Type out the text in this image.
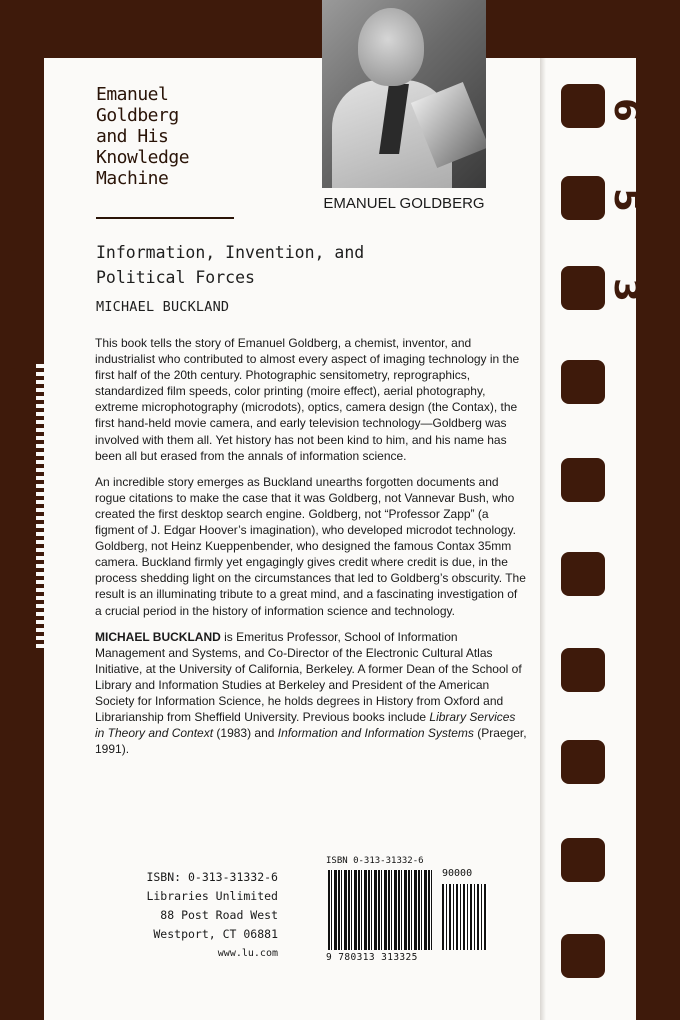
6
5
3
EMANUEL GOLDBERG
Emanuel
Goldberg
and His
Knowledge
Machine
Information, Invention, and
Political Forces
MICHAEL BUCKLAND

This book tells the story of Emanuel Goldberg, a chemist, inventor, and industrialist who contributed to almost every aspect of imaging technology in the first half of the 20th century. Photographic sensitometry, reprographics, standardized film speeds, color printing (moire effect), aerial photography, extreme microphotography (microdots), optics, camera design (the Contax), the first hand-held movie camera, and early television technology—Goldberg was involved with them all. Yet history has not been kind to him, and his name has been all but erased from the annals of information science.

An incredible story emerges as Buckland unearths forgotten documents and rogue citations to make the case that it was Goldberg, not Vannevar Bush, who created the first desktop search engine. Goldberg, not “Professor Zapp” (a figment of J. Edgar Hoover’s imagination), who developed microdot technology. Goldberg, not Heinz Kueppenbender, who designed the famous Contax 35mm camera. Buckland firmly yet engagingly gives credit where credit is due, in the process shedding light on the circumstances that led to Goldberg’s obscurity. The result is an illuminating tribute to a great mind, and a fascinating investigation of a crucial period in the history of information science and technology.

MICHAEL BUCKLAND is Emeritus Professor, School of Information Management and Systems, and Co-Director of the Electronic Cultural Atlas Initiative, at the University of California, Berkeley. A former Dean of the School of Library and Information Studies at Berkeley and President of the American Society for Information Science, he holds degrees in History from Oxford and Librarianship from Sheffield University. Previous books include Library Services in Theory and Context (1983) and Information and Information Systems (Praeger, 1991).

ISBN: 0-313-31332-6
Libraries Unlimited
88 Post Road West
Westport, CT 06881
www.lu.com
ISBN 0-313-31332-6
90000
9 780313 313325
